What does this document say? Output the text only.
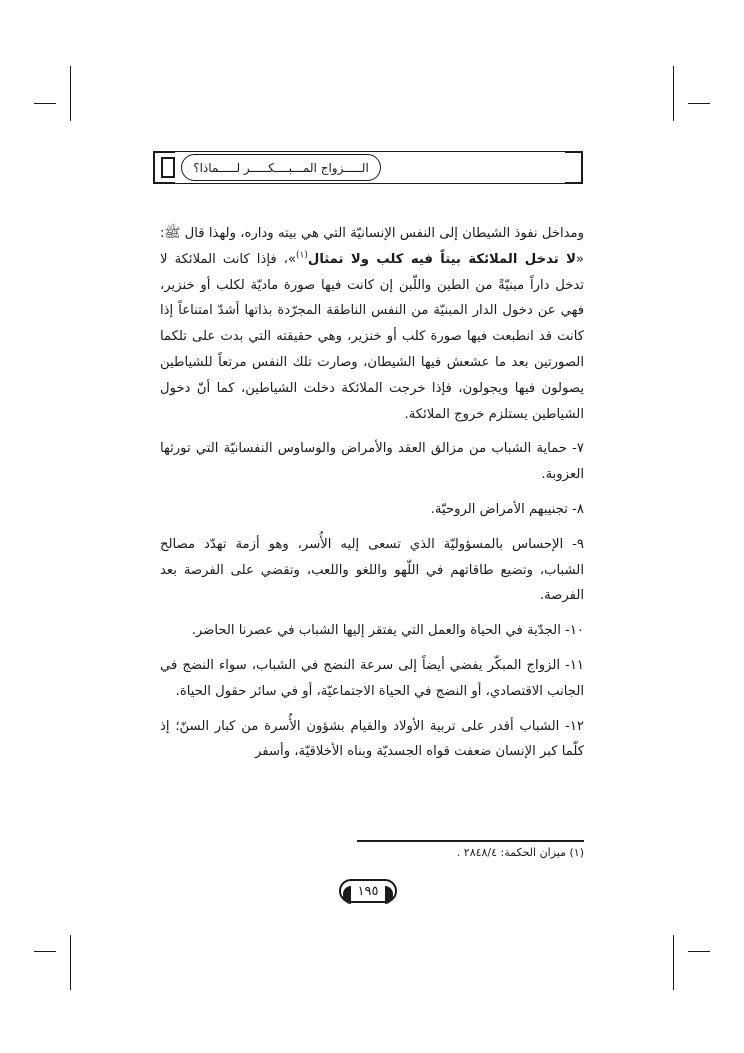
الـــــزواج المـــبــــكـــــر لـــــماذا؟

ومداخل نفوذ الشيطان إلى النفس الإنسانيّة التي هي بيته وداره، ولهذا قال ﷺ: «لا تدخل الملائكة بيتاً فيه كلب ولا تمثال$^{(١)}$»، فإذا كانت الملائكة لا تدخل داراً مبنيّةً من الطين واللّبن إن كانت فيها صورة ماديّة لكلب أو خنزير، فهي عن دخول الدار المبنيّة من النفس الناطقة المجرّدة بذاتها أشدّ امتناعاً إذا كانت قد انطبعت فيها صورة كلب أو خنزير، وهي حقيقته التي بدت على تلكما الصورتين بعد ما عشعش فيها الشيطان، وصارت تلك النفس مرتعاً للشياطين يصولون فيها ويجولون، فإذا خرجت الملائكة دخلت الشياطين، كما أنّ دخول الشياطين يستلزم خروج الملائكة.

٧- حماية الشباب من مزالق العقد والأمراض والوساوس النفسانيّة التي تورثها العزوبة.

٨- تجنيبهم الأمراض الروحيّة.

٩- الإحساس بالمسؤوليّة الذي تسعى إليه الأُسر، وهو أزمة تهدّد مصالح الشباب، وتضيع طاقاتهم في اللّهو واللغو واللعب، وتقضي على الفرصة بعد الفرصة.

١٠- الجدّية في الحياة والعمل التي يفتقر إليها الشباب في عصرنا الحاضر.

١١- الزواج المبكّر يفضي أيضاً إلى سرعة النضج في الشباب، سواء النضج في الجانب الاقتصادي، أو النضج في الحياة الاجتماعيّة، أو في سائر حقول الحياة.

١٢- الشباب أقدر على تربية الأولاد والقيام بشؤون الأُسرة من كبار السنّ؛ إذ كلّما كبر الإنسان ضعفت قواه الجسديّة وبناه الأخلاقيّة، وأسفر

(١) ميزان الحكمة: ٢٨٤٨/٤ .
١٩٥
